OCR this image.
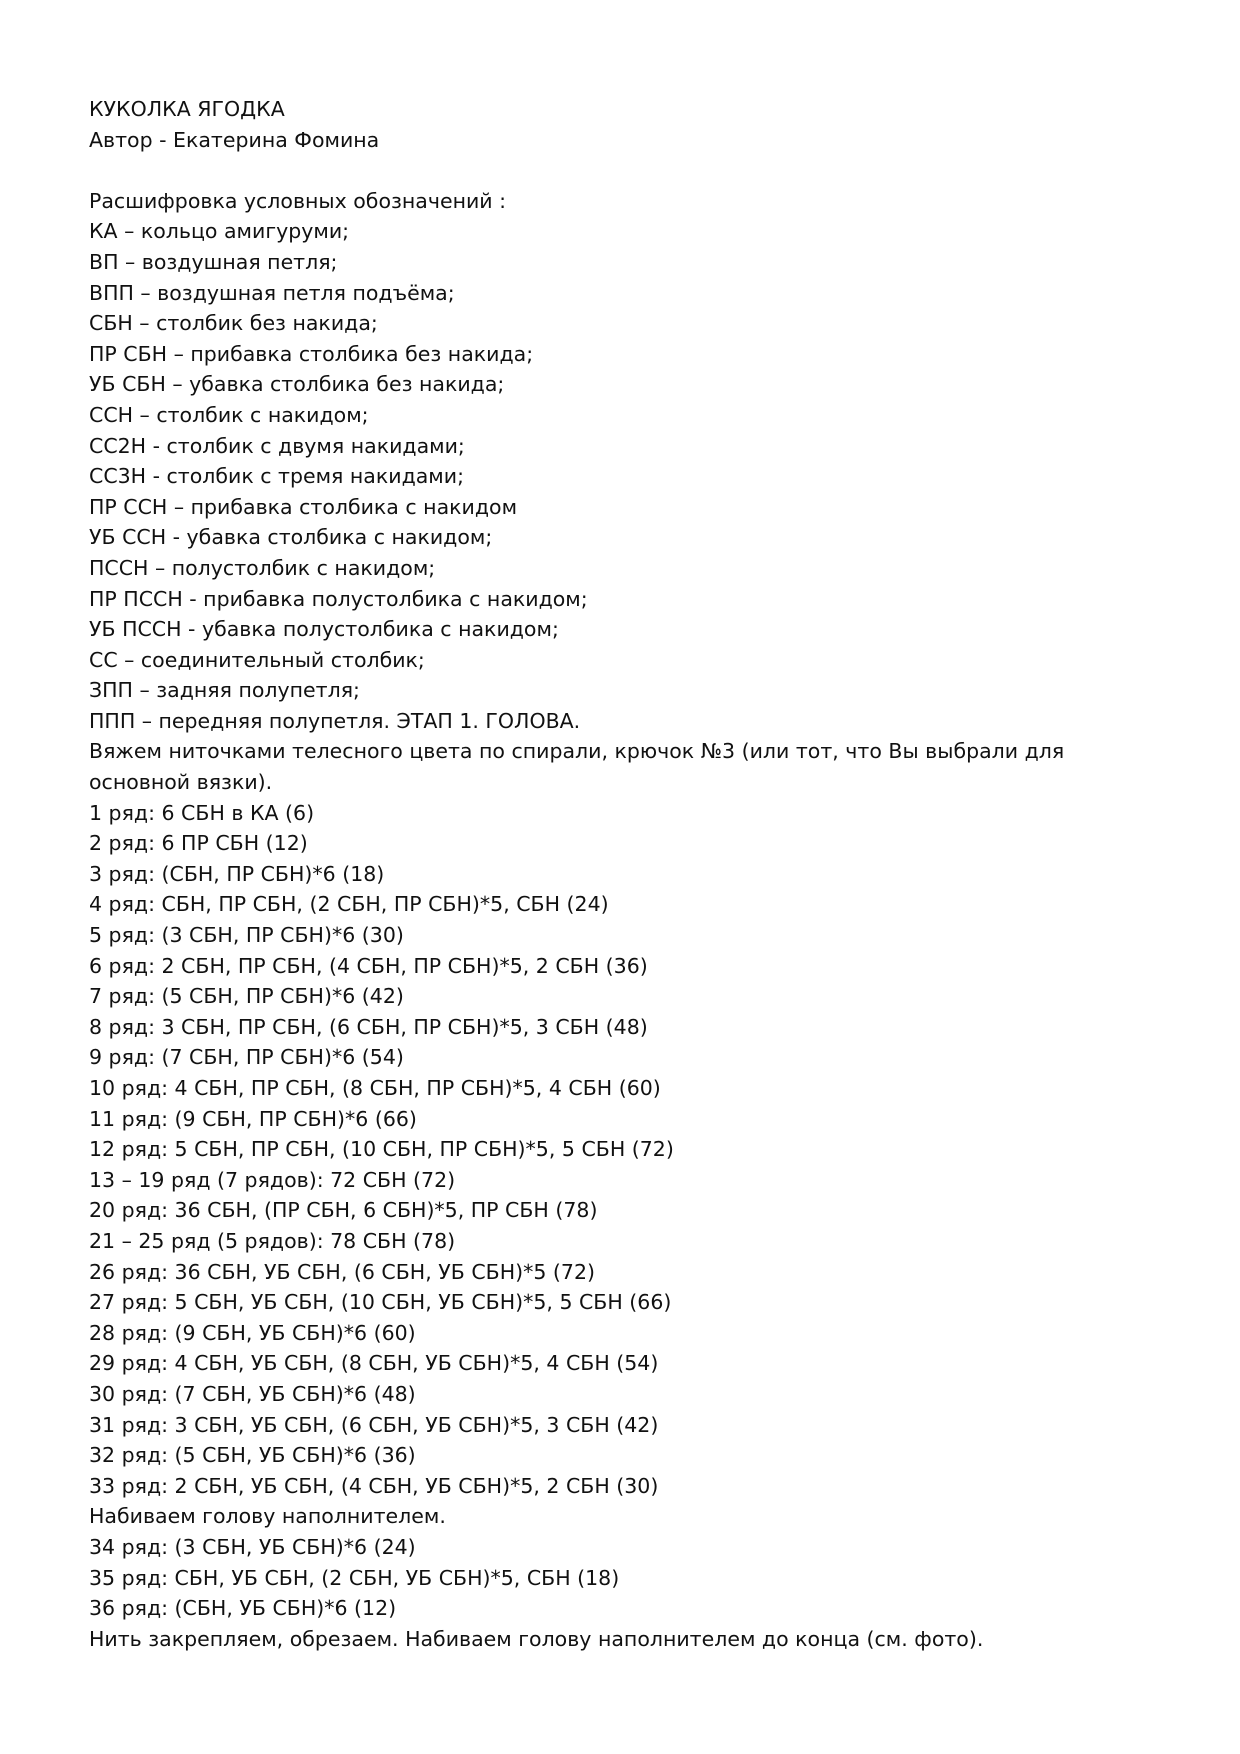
КУКОЛКА ЯГОДКА
Автор - Екатерина Фомина
Расшифровка условных обозначений :
КА – кольцо амигуруми;
ВП – воздушная петля;
ВПП – воздушная петля подъёма;
СБН – столбик без накида;
ПР СБН – прибавка столбика без накида;
УБ СБН – убавка столбика без накида;
ССН – столбик с накидом;
СС2Н - столбик с двумя накидами;
СС3Н - столбик с тремя накидами;
ПР ССН – прибавка столбика с накидом
УБ ССН - убавка столбика с накидом;
ПССН – полустолбик с накидом;
ПР ПССН - прибавка полустолбика с накидом;
УБ ПССН - убавка полустолбика с накидом;
СС – соединительный столбик;
ЗПП – задняя полупетля;
ППП – передняя полупетля. ЭТАП 1. ГОЛОВА.
Вяжем ниточками телесного цвета по спирали, крючок №3 (или тот, что Вы выбрали для
основной вязки).
1 ряд: 6 СБН в КА (6)
2 ряд: 6 ПР СБН (12)
3 ряд: (СБН, ПР СБН)*6 (18)
4 ряд: СБН, ПР СБН, (2 СБН, ПР СБН)*5, СБН (24)
5 ряд: (3 СБН, ПР СБН)*6 (30)
6 ряд: 2 СБН, ПР СБН, (4 СБН, ПР СБН)*5, 2 СБН (36)
7 ряд: (5 СБН, ПР СБН)*6 (42)
8 ряд: 3 СБН, ПР СБН, (6 СБН, ПР СБН)*5, 3 СБН (48)
9 ряд: (7 СБН, ПР СБН)*6 (54)
10 ряд: 4 СБН, ПР СБН, (8 СБН, ПР СБН)*5, 4 СБН (60)
11 ряд: (9 СБН, ПР СБН)*6 (66)
12 ряд: 5 СБН, ПР СБН, (10 СБН, ПР СБН)*5, 5 СБН (72)
13 – 19 ряд (7 рядов): 72 СБН (72)
20 ряд: 36 СБН, (ПР СБН, 6 СБН)*5, ПР СБН (78)
21 – 25 ряд (5 рядов): 78 СБН (78)
26 ряд: 36 СБН, УБ СБН, (6 СБН, УБ СБН)*5 (72)
27 ряд: 5 СБН, УБ СБН, (10 СБН, УБ СБН)*5, 5 СБН (66)
28 ряд: (9 СБН, УБ СБН)*6 (60)
29 ряд: 4 СБН, УБ СБН, (8 СБН, УБ СБН)*5, 4 СБН (54)
30 ряд: (7 СБН, УБ СБН)*6 (48)
31 ряд: 3 СБН, УБ СБН, (6 СБН, УБ СБН)*5, 3 СБН (42)
32 ряд: (5 СБН, УБ СБН)*6 (36)
33 ряд: 2 СБН, УБ СБН, (4 СБН, УБ СБН)*5, 2 СБН (30)
Набиваем голову наполнителем.
34 ряд: (3 СБН, УБ СБН)*6 (24)
35 ряд: СБН, УБ СБН, (2 СБН, УБ СБН)*5, СБН (18)
36 ряд: (СБН, УБ СБН)*6 (12)
Нить закрепляем, обрезаем. Набиваем голову наполнителем до конца (см. фото).
